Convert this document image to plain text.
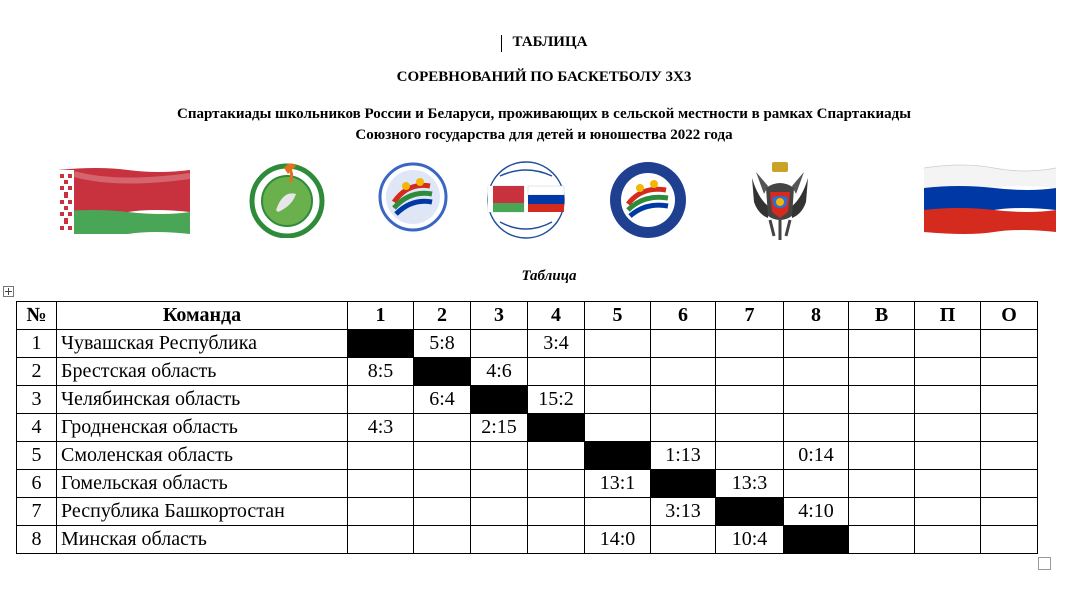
ТАБЛИЦА
СОРЕВНОВАНИЙ ПО БАСКЕТБОЛУ 3Х3
Спартакиады школьников России и Беларуси, проживающих в сельской местности в рамках Спартакиады
Союзного государства для детей и юношества 2022 года
Таблица
№	Команда	1	2	3	4	5	6	7	8	В	П	О
1	Чувашская Республика		5:8		3:4							
2	Брестская область	8:5		4:6								
3	Челябинская область		6:4		15:2							
4	Гродненская область	4:3		2:15								
5	Смоленская область						1:13		0:14			
6	Гомельская область					13:1		13:3				
7	Республика Башкортостан						3:13		4:10			
8	Минская область					14:0		10:4				
